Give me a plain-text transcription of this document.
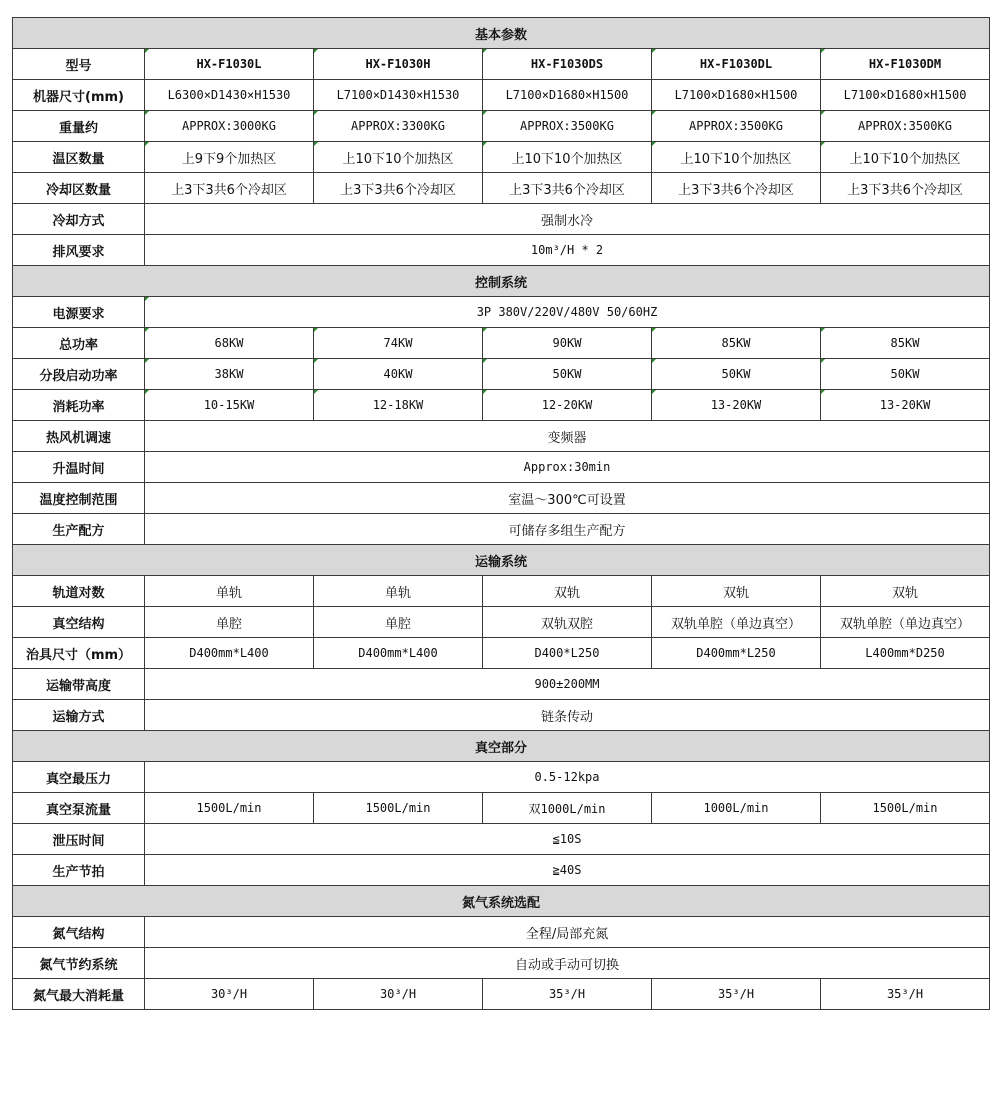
基本参数					
型号	HX-F1030L	HX-F1030H	HX-F1030DS	HX-F1030DL	HX-F1030DM
机器尺寸(mm)	L6300×D1430×H1530	L7100×D1430×H1530	L7100×D1680×H1500	L7100×D1680×H1500	L7100×D1680×H1500
重量约	APPROX:3000KG	APPROX:3300KG	APPROX:3500KG	APPROX:3500KG	APPROX:3500KG
温区数量	上9下9个加热区	上10下10个加热区	上10下10个加热区	上10下10个加热区	上10下10个加热区
冷却区数量	上3下3共6个冷却区	上3下3共6个冷却区	上3下3共6个冷却区	上3下3共6个冷却区	上3下3共6个冷却区
冷却方式	强制水冷				
排风要求	10m³/H * 2				
控制系统					
电源要求	3P 380V/220V/480V 50/60HZ				
总功率	68KW	74KW	90KW	85KW	85KW
分段启动功率	38KW	40KW	50KW	50KW	50KW
消耗功率	10-15KW	12-18KW	12-20KW	13-20KW	13-20KW
热风机调速	变频器				
升温时间	Approx:30min				
温度控制范围	室温～300℃可设置				
生产配方	可储存多组生产配方				
运输系统					
轨道对数	单轨	单轨	双轨	双轨	双轨
真空结构	单腔	单腔	双轨双腔	双轨单腔（单边真空）	双轨单腔（单边真空）
治具尺寸（mm）	D400mm*L400	D400mm*L400	D400*L250	D400mm*L250	L400mm*D250
运输带高度	900±200MM				
运输方式	链条传动				
真空部分					
真空最压力	0.5-12kpa				
真空泵流量	1500L/min	1500L/min	双1000L/min	1000L/min	1500L/min
泄压时间	≦10S				
生产节拍	≧40S				
氮气系统选配					
氮气结构	全程/局部充氮				
氮气节约系统	自动或手动可切换				
氮气最大消耗量	30³/H	30³/H	35³/H	35³/H	35³/H
